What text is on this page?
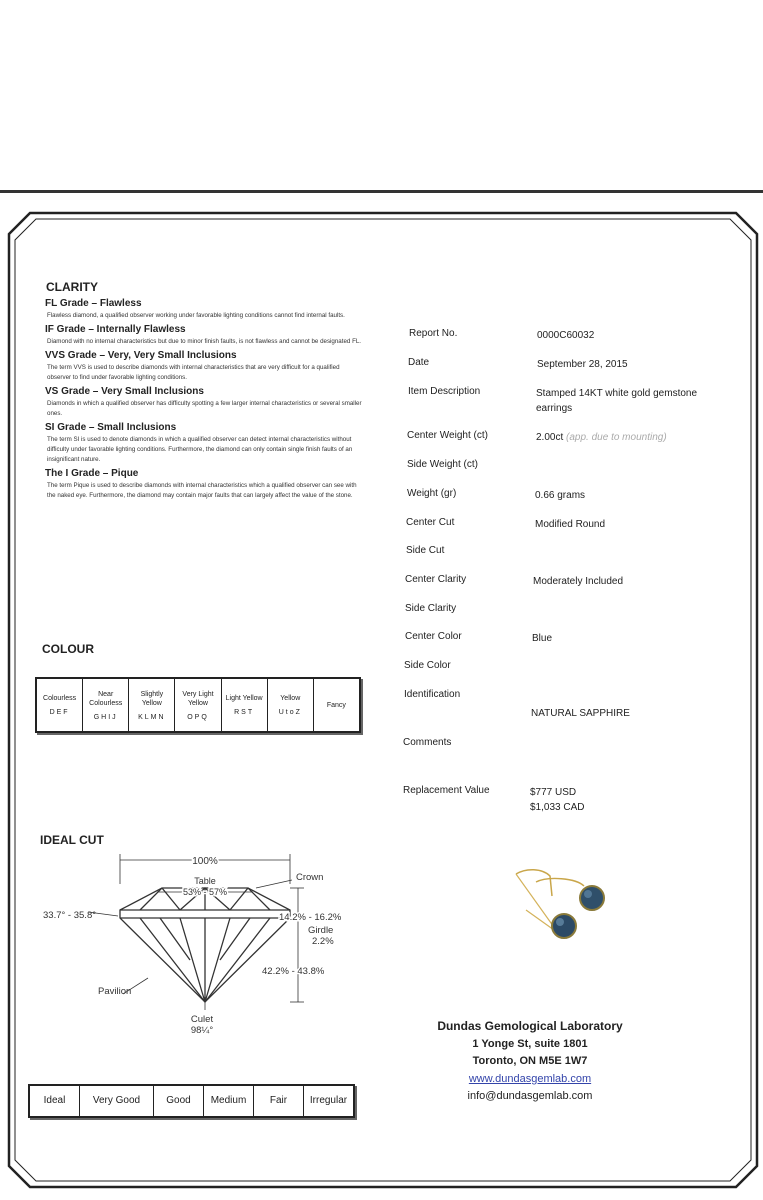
CLARITY

FL Grade – Flawless

Flawless diamond, a qualified observer working under favorable lighting conditions cannot find internal faults.

IF Grade – Internally Flawless

Diamond with no internal characteristics but due to minor finish faults, is not flawless and cannot be designated FL.

VVS Grade – Very, Very Small Inclusions

The term VVS is used to describe diamonds with internal characteristics that are very difficult for a qualified observer to find under favorable lighting conditions.

VS Grade – Very Small Inclusions

Diamonds in which a qualified observer has difficulty spotting a few larger internal characteristics or several smaller ones.

SI Grade – Small Inclusions

The term SI is used to denote diamonds in which a qualified observer can detect internal characteristics without difficulty under favorable lighting conditions. Furthermore, the diamond can only contain single finish faults of an insignificant nature.

The I Grade – Pique

The term Pique is used to describe diamonds with internal characteristics which a qualified observer can see with the naked eye. Furthermore, the diamond may contain major faults that can largely affect the value of the stone.

COLOUR
Colourless
DEF
Near Colourless
GHIJ
Slightly Yellow
KLMN
Very Light Yellow
OPQ
Light Yellow
RST
Yellow
UtoZ
Fancy
IDEAL CUT
100%
Table
53% - 57%
Crown
33.7° - 35.8°	14.2% - 16.2%
Girdle
2.2%
42.2% - 43.8%
Pavilion
Culet
98¼°
Ideal	Very Good	Good	Medium	Fair	Irregular
Report No.	0000C60032
Date	September 28, 2015
Item Description	Stamped 14KT white gold gemstone earrings
Center Weight (ct)	2.00ct (app. due to mounting)
Side Weight (ct)
Weight (gr)	0.66 grams
Center Cut	Modified Round
Side Cut
Center Clarity	Moderately Included
Side Clarity
Center Color	Blue
Side Color
Identification
NATURAL SAPPHIRE
Comments
Replacement Value	$777 USD
$1,033 CAD
Dundas Gemological Laboratory
1 Yonge St, suite 1801
Toronto, ON M5E 1W7
www.dundasgemlab.com
info@dundasgemlab.com
